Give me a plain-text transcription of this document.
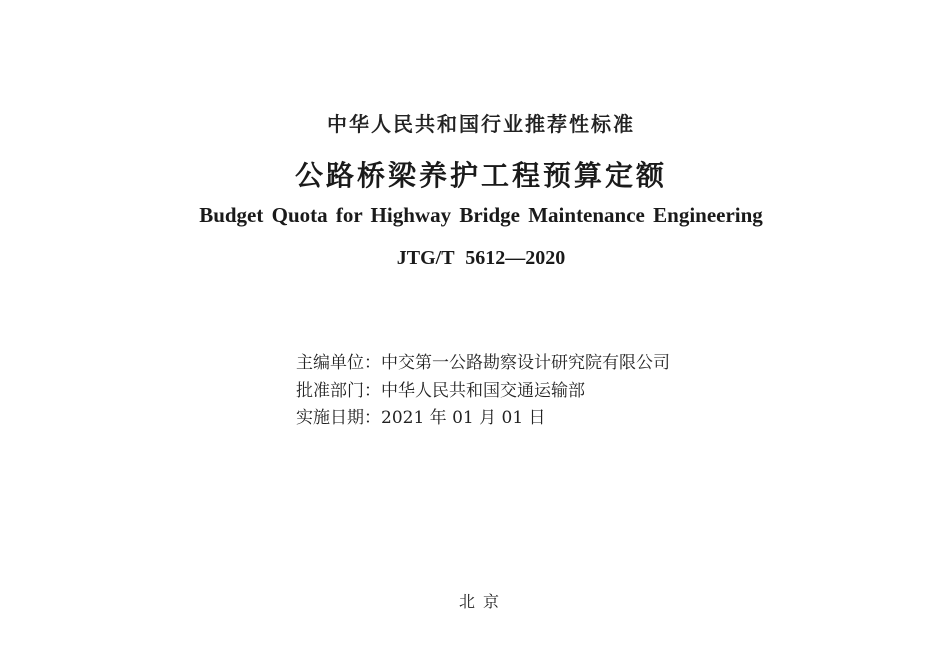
中华人民共和国行业推荐性标准
公路桥梁养护工程预算定额
Budget Quota for Highway Bridge Maintenance Engineering
JTG/T 5612—2020
主编单位：中交第一公路勘察设计研究院有限公司
批准部门：中华人民共和国交通运输部
实施日期：2021 年 01 月 01 日
北京
